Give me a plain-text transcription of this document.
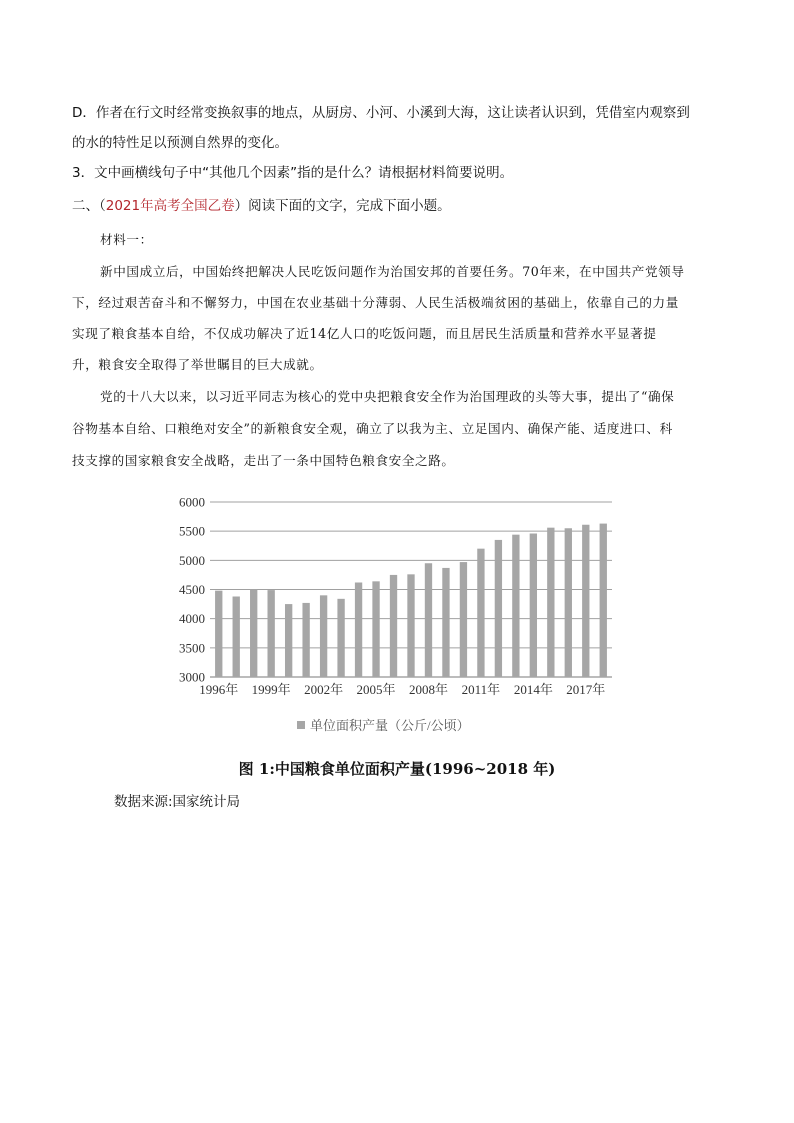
D．作者在行文时经常变换叙事的地点，从厨房、小河、小溪到大海，这让读者认识到，凭借室内观察到
的水的特性足以预测自然界的变化。
3．文中画横线句子中“其他几个因素”指的是什么？请根据材料简要说明。
二、（2021年高考全国乙卷）阅读下面的文字，完成下面小题。
材料一：
新中国成立后，中国始终把解决人民吃饭问题作为治国安邦的首要任务。70年来，在中国共产党领导
下，经过艰苦奋斗和不懈努力，中国在农业基础十分薄弱、人民生活极端贫困的基础上，依靠自己的力量
实现了粮食基本自给，不仅成功解决了近14亿人口的吃饭问题，而且居民生活质量和营养水平显著提
升，粮食安全取得了举世瞩目的巨大成就。
党的十八大以来，以习近平同志为核心的党中央把粮食安全作为治国理政的头等大事，提出了“确保
谷物基本自给、口粮绝对安全”的新粮食安全观，确立了以我为主、立足国内、确保产能、适度进口、科
技支撑的国家粮食安全战略，走出了一条中国特色粮食安全之路。
6000
5500
5000
4500
4000
3500
3000
1996年 1999年 2002年 2005年 2008年 2011年 2014年 2017年
单位面积产量（公斤/公顷）
图 1:中国粮食单位面积产量(1996~2018 年)
数据来源:国家统计局
